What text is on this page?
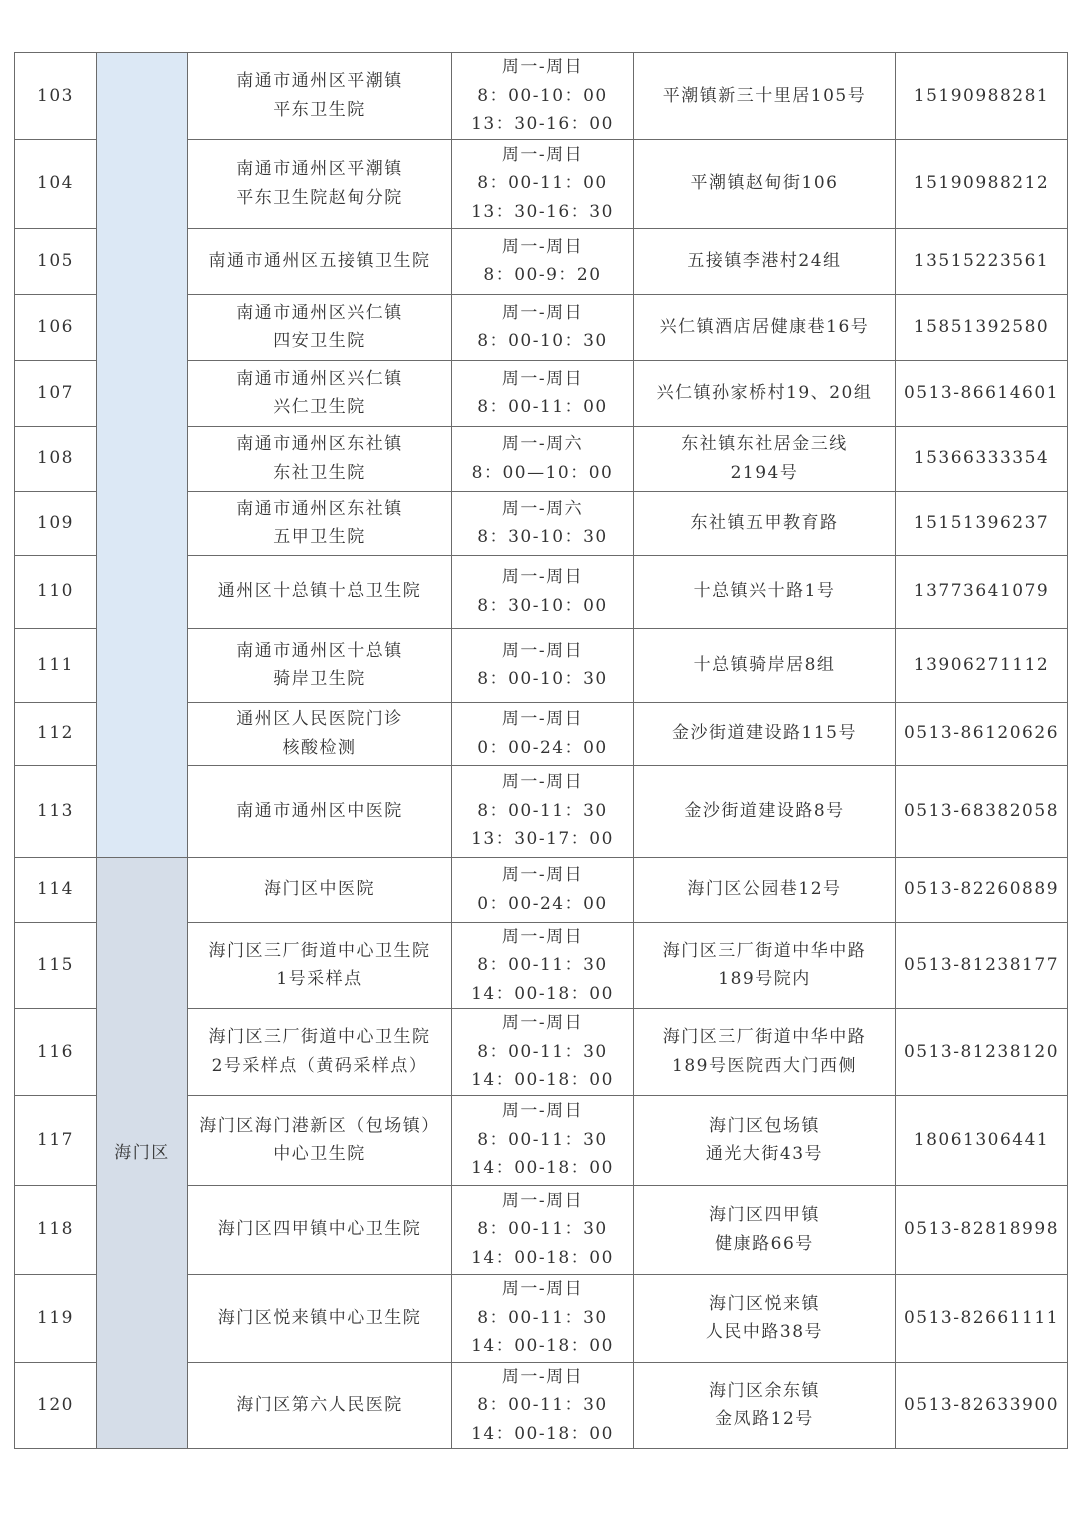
103		南通市通州区平潮镇
平东卫生院	周一-周日
8：00-10：00
13：30-16：00	平潮镇新三十里居105号	15190988281
104		南通市通州区平潮镇
平东卫生院赵甸分院	周一-周日
8：00-11：00
13：30-16：30	平潮镇赵甸街106	15190988212
105		南通市通州区五接镇卫生院	周一-周日
8：00-9：20	五接镇李港村24组	13515223561
106		南通市通州区兴仁镇
四安卫生院	周一-周日
8：00-10：30	兴仁镇酒店居健康巷16号	15851392580
107		南通市通州区兴仁镇
兴仁卫生院	周一-周日
8：00-11：00	兴仁镇孙家桥村19、20组	0513-86614601
108		南通市通州区东社镇
东社卫生院	周一-周六
8：00—10：00	东社镇东社居金三线
2194号	15366333354
109		南通市通州区东社镇
五甲卫生院	周一-周六
8：30-10：30	东社镇五甲教育路	15151396237
110		通州区十总镇十总卫生院	周一-周日
8：30-10：00	十总镇兴十路1号	13773641079
111		南通市通州区十总镇
骑岸卫生院	周一-周日
8：00-10：30	十总镇骑岸居8组	13906271112
112		通州区人民医院门诊
核酸检测	周一-周日
0：00-24：00	金沙街道建设路115号	0513-86120626
113		南通市通州区中医院	周一-周日
8：00-11：30
13：30-17：00	金沙街道建设路8号	0513-68382058
114	海门区	海门区中医院	周一-周日
0：00-24：00	海门区公园巷12号	0513-82260889
115		海门区三厂街道中心卫生院
1号采样点	周一-周日
8：00-11：30
14：00-18：00	海门区三厂街道中华中路
189号院内	0513-81238177
116		海门区三厂街道中心卫生院
2号采样点（黄码采样点）	周一-周日
8：00-11：30
14：00-18：00	海门区三厂街道中华中路
189号医院西大门西侧	0513-81238120
117		海门区海门港新区（包场镇）
中心卫生院	周一-周日
8：00-11：30
14：00-18：00	海门区包场镇
通光大街43号	18061306441
118		海门区四甲镇中心卫生院	周一-周日
8：00-11：30
14：00-18：00	海门区四甲镇
健康路66号	0513-82818998
119		海门区悦来镇中心卫生院	周一-周日
8：00-11：30
14：00-18：00	海门区悦来镇
人民中路38号	0513-82661111
120		海门区第六人民医院	周一-周日
8：00-11：30
14：00-18：00	海门区余东镇
金凤路12号	0513-82633900
